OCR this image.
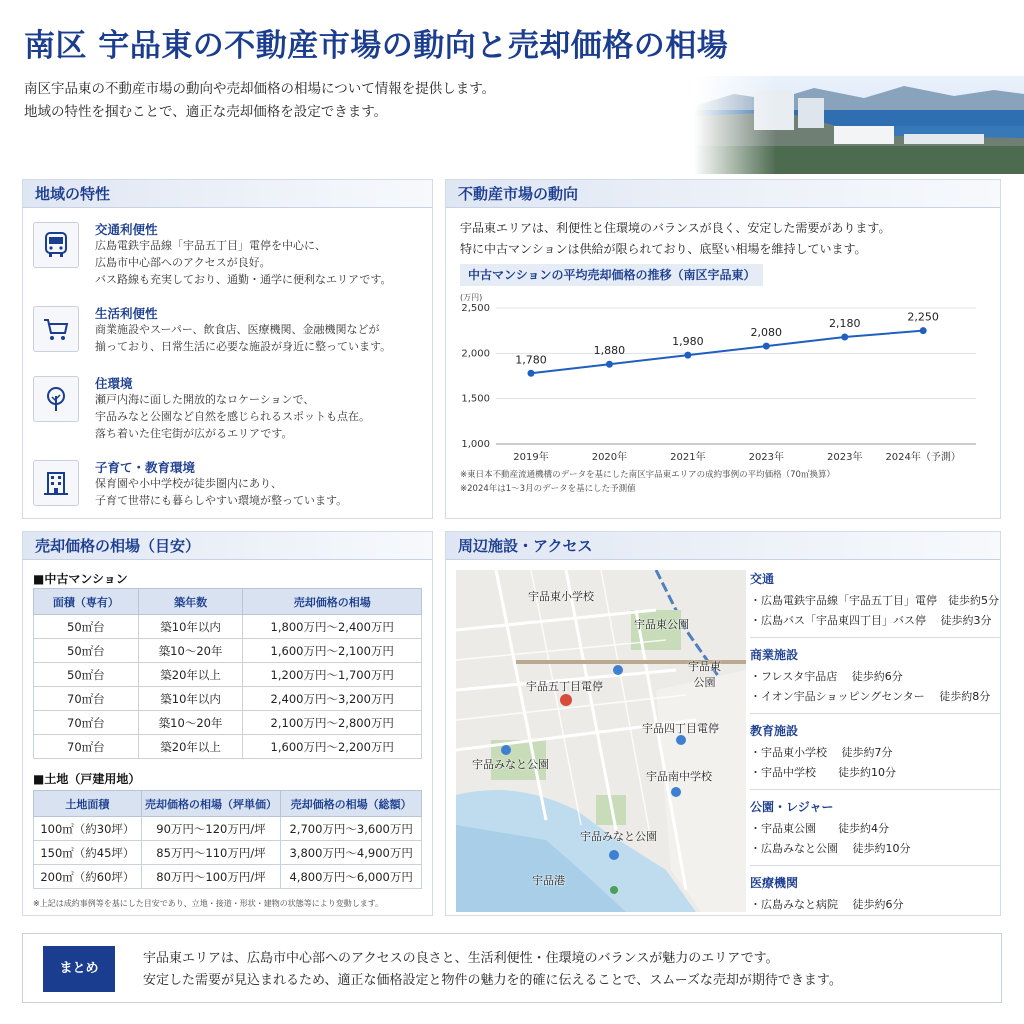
南区 宇品東の不動産市場の動向と売却価格の相場
南区宇品東の不動産市場の動向や売却価格の相場について情報を提供します。
地域の特性を掴むことで、適正な売却価格を設定できます。
地域の特性
交通利便性
広島電鉄宇品線「宇品五丁目」電停を中心に、
広島市中心部へのアクセスが良好。
バス路線も充実しており、通勤・通学に便利なエリアです。
生活利便性
商業施設やスーパー、飲食店、医療機関、金融機関などが
揃っており、日常生活に必要な施設が身近に整っています。
住環境
瀬戸内海に面した開放的なロケーションで、
宇品みなと公園など自然を感じられるスポットも点在。
落ち着いた住宅街が広がるエリアです。
子育て・教育環境
保育園や小中学校が徒歩圏内にあり、
子育て世帯にも暮らしやすい環境が整っています。
不動産市場の動向
宇品東エリアは、利便性と住環境のバランスが良く、安定した需要があります。
特に中古マンションは供給が限られており、底堅い相場を維持しています。
中古マンションの平均売却価格の推移（南区宇品東）
(万円)
1,000
1,500
2,000
2,500
1,780
2019年
1,880
2020年
1,980
2021年
2,080
2023年
2,180
2023年
2,250
2024年（予測）
※東日本不動産流通機構のデータを基にした南区宇品東エリアの成約事例の平均価格（70㎡換算）
※2024年は1〜3月のデータを基にした予測値
売却価格の相場（目安）
■中古マンション
面積（専有）	築年数	売却価格の相場
50㎡台	築10年以内	1,800万円〜2,400万円
50㎡台	築10〜20年	1,600万円〜2,100万円
50㎡台	築20年以上	1,200万円〜1,700万円
70㎡台	築10年以内	2,400万円〜3,200万円
70㎡台	築10〜20年	2,100万円〜2,800万円
70㎡台	築20年以上	1,600万円〜2,200万円
■土地（戸建用地）
土地面積	売却価格の相場（坪単価）	売却価格の相場（総額）
100㎡（約30坪）	90万円〜120万円/坪	2,700万円〜3,600万円
150㎡（約45坪）	85万円〜110万円/坪	3,800万円〜4,900万円
200㎡（約60坪）	80万円〜100万円/坪	4,800万円〜6,000万円
※上記は成約事例等を基にした目安であり、立地・接道・形状・建物の状態等により変動します。
周辺施設・アクセス
宇品東小学校
宇品東公園
宇品東
公園
宇品五丁目電停
宇品四丁目電停
宇品みなと公園
宇品南中学校
宇品みなと公園
宇品港
交通
・広島電鉄宇品線「宇品五丁目」電停　徒歩約5分
・広島バス「宇品東四丁目」バス停　 徒歩約3分
商業施設
・フレスタ宇品店　 徒歩約6分
・イオン宇品ショッピングセンター　 徒歩約8分
教育施設
・宇品東小学校　 徒歩約7分
・宇品中学校　　徒歩約10分
公園・レジャー
・宇品東公園　　徒歩約4分
・広島みなと公園　 徒歩約10分
医療機関
・広島みなと病院　 徒歩約6分
まとめ
宇品東エリアは、広島市中心部へのアクセスの良さと、生活利便性・住環境のバランスが魅力のエリアです。
安定した需要が見込まれるため、適正な価格設定と物件の魅力を的確に伝えることで、スムーズな売却が期待できます。
